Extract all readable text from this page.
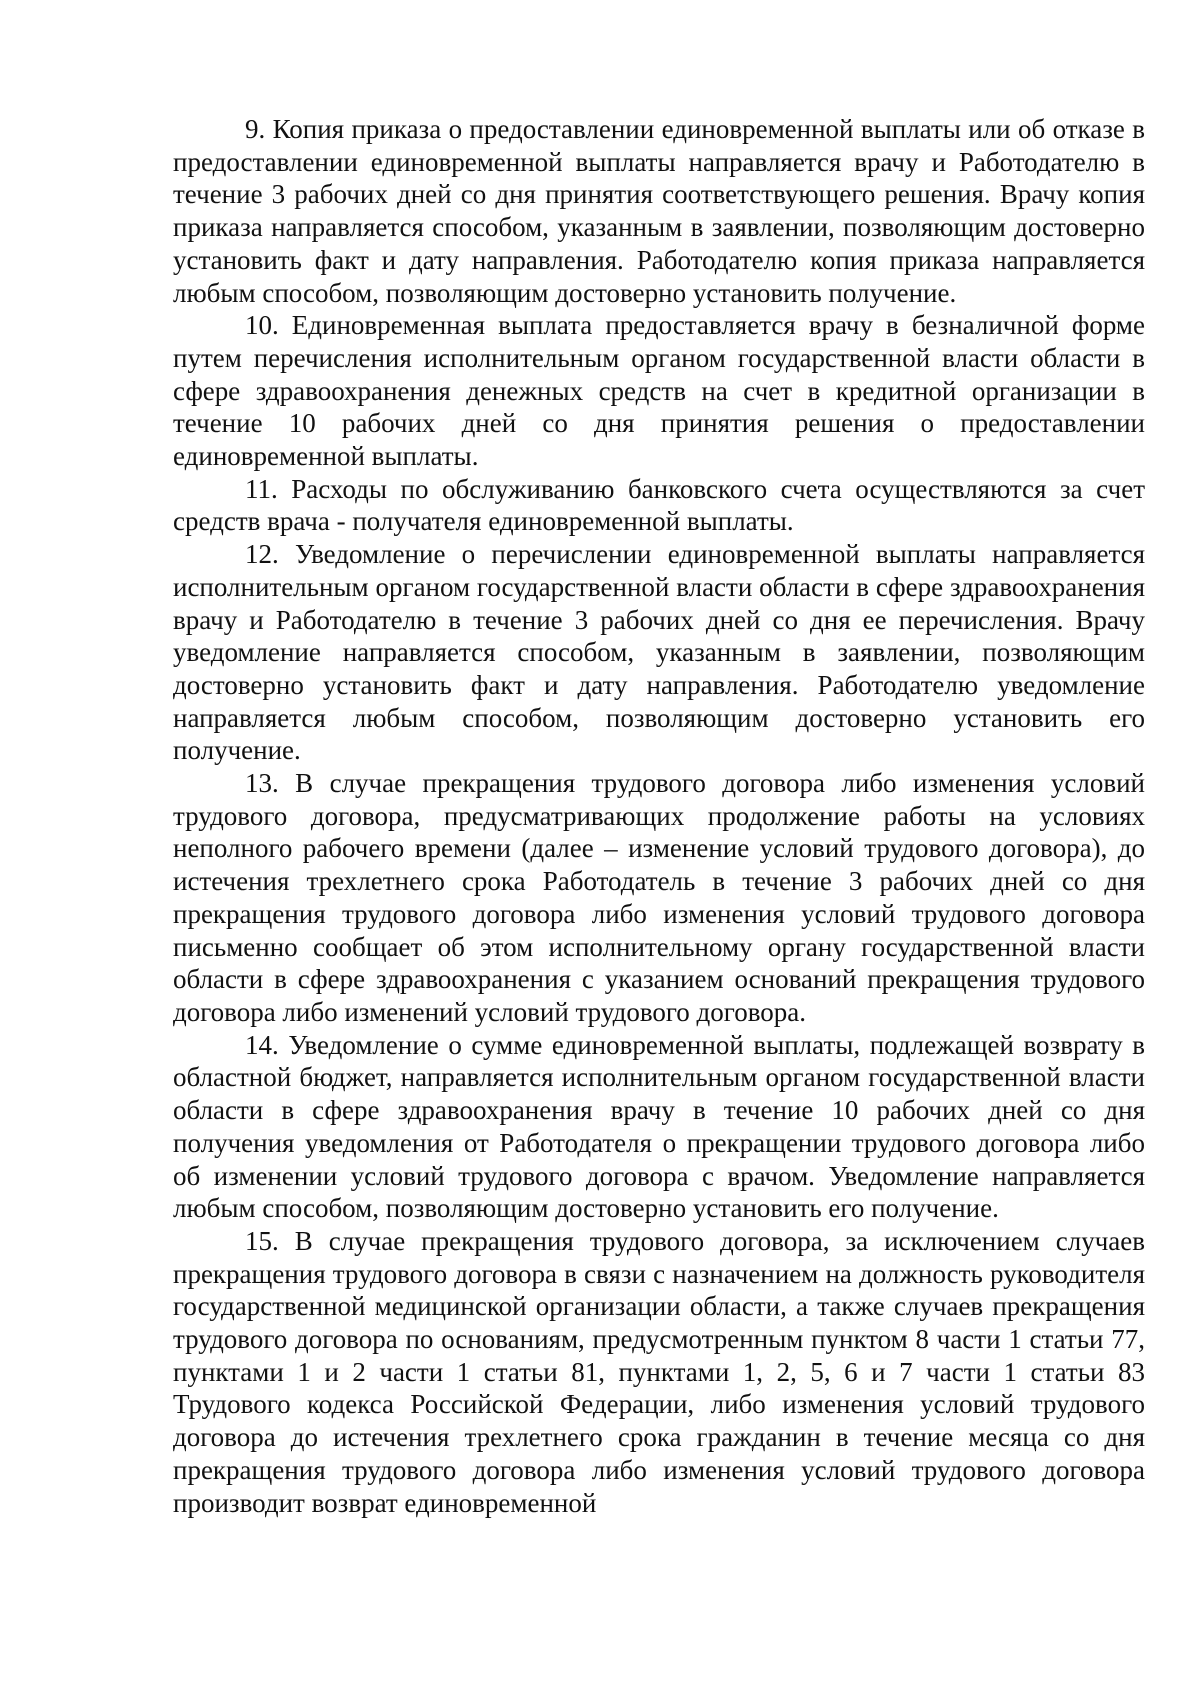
9. Копия приказа о предоставлении единовременной выплаты или об отказе в предоставлении единовременной выплаты направляется врачу и Работодателю в течение 3 рабочих дней со дня принятия соответствующего решения. Врачу копия приказа направляется способом, указанным в заявлении, позволяющим достоверно установить факт и дату направления. Работодателю копия приказа направляется любым способом, позволяющим достоверно установить получение.

10. Единовременная выплата предоставляется врачу в безналичной форме путем перечисления исполнительным органом государственной власти области в сфере здравоохранения денежных средств на счет в кредитной организации в течение 10 рабочих дней со дня принятия решения о предоставлении единовременной выплаты.

11. Расходы по обслуживанию банковского счета осуществляются за счет средств врача - получателя единовременной выплаты.

12. Уведомление о перечислении единовременной выплаты направляется исполнительным органом государственной власти области в сфере здравоохранения врачу и Работодателю в течение 3 рабочих дней со дня ее перечисления. Врачу уведомление направляется способом, указанным в заявлении, позволяющим достоверно установить факт и дату направления. Работодателю уведомление направляется любым способом, позволяющим достоверно установить его получение.

13. В случае прекращения трудового договора либо изменения условий трудового договора, предусматривающих продолжение работы на условиях неполного рабочего времени (далее – изменение условий трудового договора), до истечения трехлетнего срока Работодатель в течение 3 рабочих дней со дня прекращения трудового договора либо изменения условий трудового договора письменно сообщает об этом исполнительному органу государственной власти области в сфере здравоохранения с указанием оснований прекращения трудового договора либо изменений условий трудового договора.

14. Уведомление о сумме единовременной выплаты, подлежащей возврату в областной бюджет, направляется исполнительным органом государственной власти области в сфере здравоохранения врачу в течение 10 рабочих дней со дня получения уведомления от Работодателя о прекращении трудового договора либо об изменении условий трудового договора с врачом. Уведомление направляется любым способом, позволяющим достоверно установить его получение.

15. В случае прекращения трудового договора, за исключением случаев прекращения трудового договора в связи с назначением на должность руководителя государственной медицинской организации области, а также случаев прекращения трудового договора по основаниям, предусмотренным пунктом 8 части 1 статьи 77, пунктами 1 и 2 части 1 статьи 81, пунктами 1, 2, 5, 6 и 7 части 1 статьи 83 Трудового кодекса Российской Федерации, либо изменения условий трудового договора до истечения трехлетнего срока гражданин в течение месяца со дня прекращения трудового договора либо изменения условий трудового договора производит возврат единовременной
